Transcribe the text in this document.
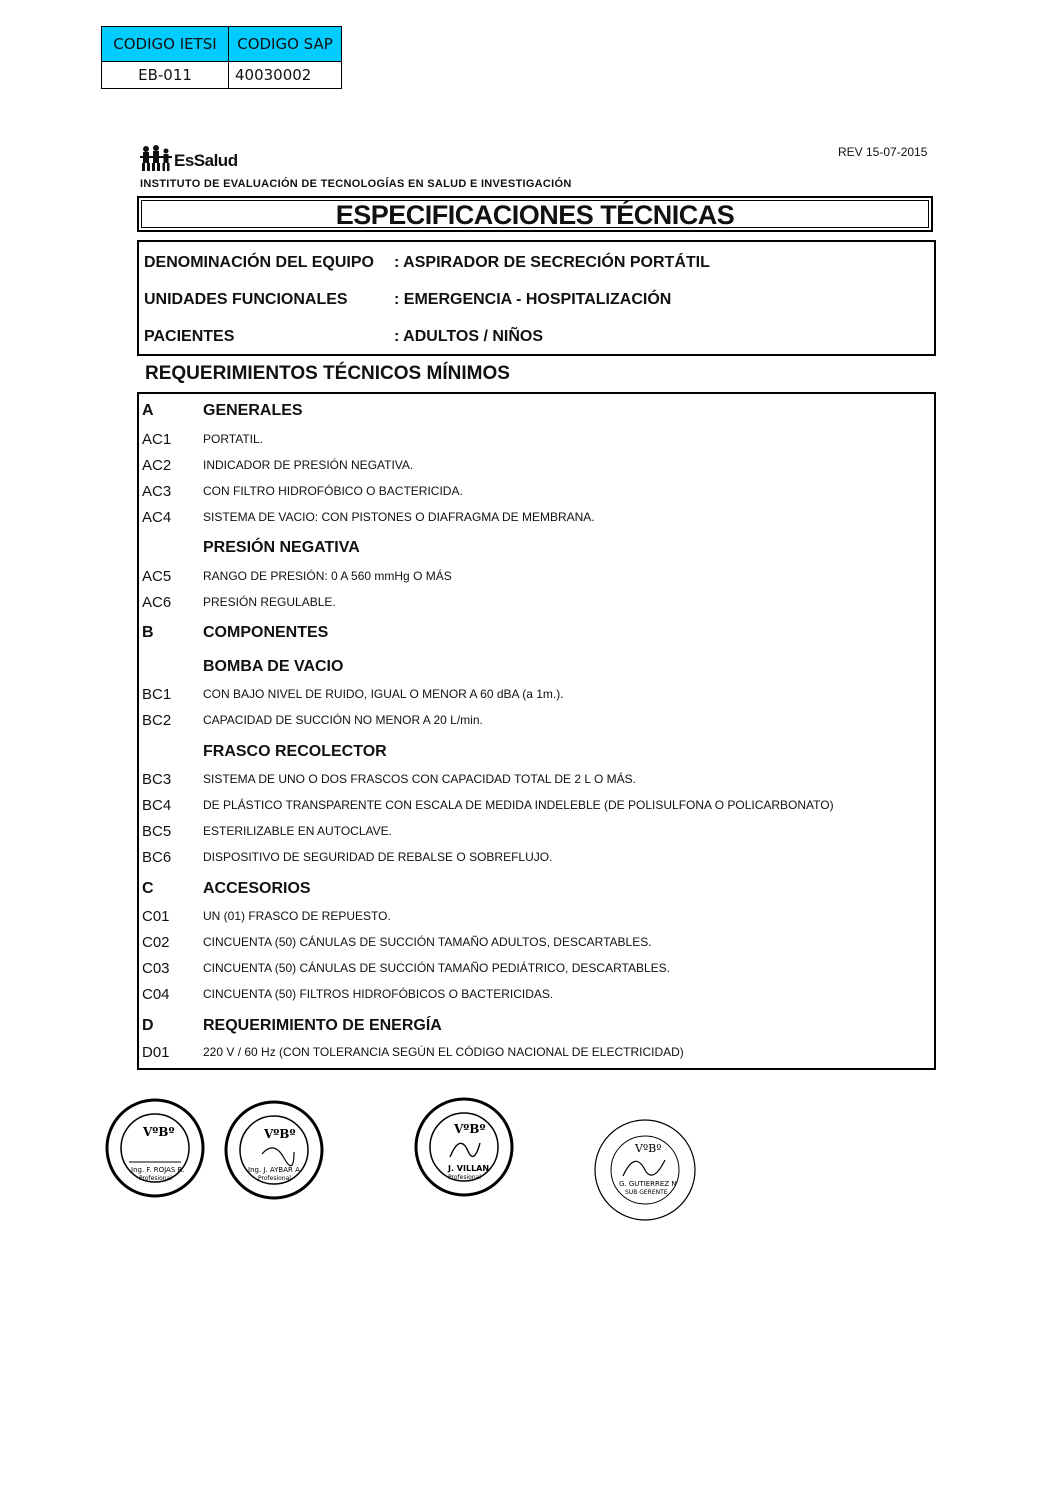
CODIGO IETSI	CODIGO SAP
EB-011	40030002
REV 15-07-2015
EsSalud
INSTITUTO DE EVALUACIÓN DE TECNOLOGÍAS EN SALUD E INVESTIGACIÓN
ESPECIFICACIONES TÉCNICAS
DENOMINACIÓN DEL EQUIPO : ASPIRADOR DE SECRECIÓN PORTÁTIL
UNIDADES FUNCIONALES	: EMERGENCIA - HOSPITALIZACIÓN
PACIENTES	: ADULTOS / NIÑOS
REQUERIMIENTOS TÉCNICOS MÍNIMOS
A	GENERALES
AC1	PORTATIL.
AC2	INDICADOR DE PRESIÓN NEGATIVA.
AC3	CON FILTRO HIDROFÓBICO O BACTERICIDA.
AC4	SISTEMA DE VACIO: CON PISTONES O DIAFRAGMA DE MEMBRANA.
PRESIÓN NEGATIVA
AC5	RANGO DE PRESIÓN: 0 A 560 mmHg O MÁS
AC6	PRESIÓN REGULABLE.
B	COMPONENTES
BOMBA DE VACIO
BC1	CON BAJO NIVEL DE RUIDO, IGUAL O MENOR A 60 dBA (a 1m.).
BC2	CAPACIDAD DE SUCCIÓN NO MENOR A 20 L/min.
FRASCO RECOLECTOR
BC3	SISTEMA DE UNO O DOS FRASCOS CON CAPACIDAD TOTAL DE 2 L O MÁS.
BC4	DE PLÁSTICO TRANSPARENTE CON ESCALA DE MEDIDA INDELEBLE (DE POLISULFONA O POLICARBONATO)
BC5	ESTERILIZABLE EN AUTOCLAVE.
BC6	DISPOSITIVO DE SEGURIDAD DE REBALSE O SOBREFLUJO.
C	ACCESORIOS
C01	UN (01) FRASCO DE REPUESTO.
C02	CINCUENTA (50) CÁNULAS DE SUCCIÓN TAMAÑO ADULTOS, DESCARTABLES.
C03	CINCUENTA (50) CÁNULAS DE SUCCIÓN TAMAÑO PEDIÁTRICO, DESCARTABLES.
C04	CINCUENTA (50) FILTROS HIDROFÓBICOS O BACTERICIDAS.
D	REQUERIMIENTO DE ENERGÍA
D01	220 V / 60 Hz (CON TOLERANCIA SEGÚN EL CÓDIGO NACIONAL DE ELECTRICIDAD)
VºBº
Ing. F. ROJAS R.
Profesional
VºBº
Ing. J. AYBAR A.
Profesional
VºBº
J. VILLAN
Profesional
VºBº
G. GUTIERREZ N
SUB GERENTE
